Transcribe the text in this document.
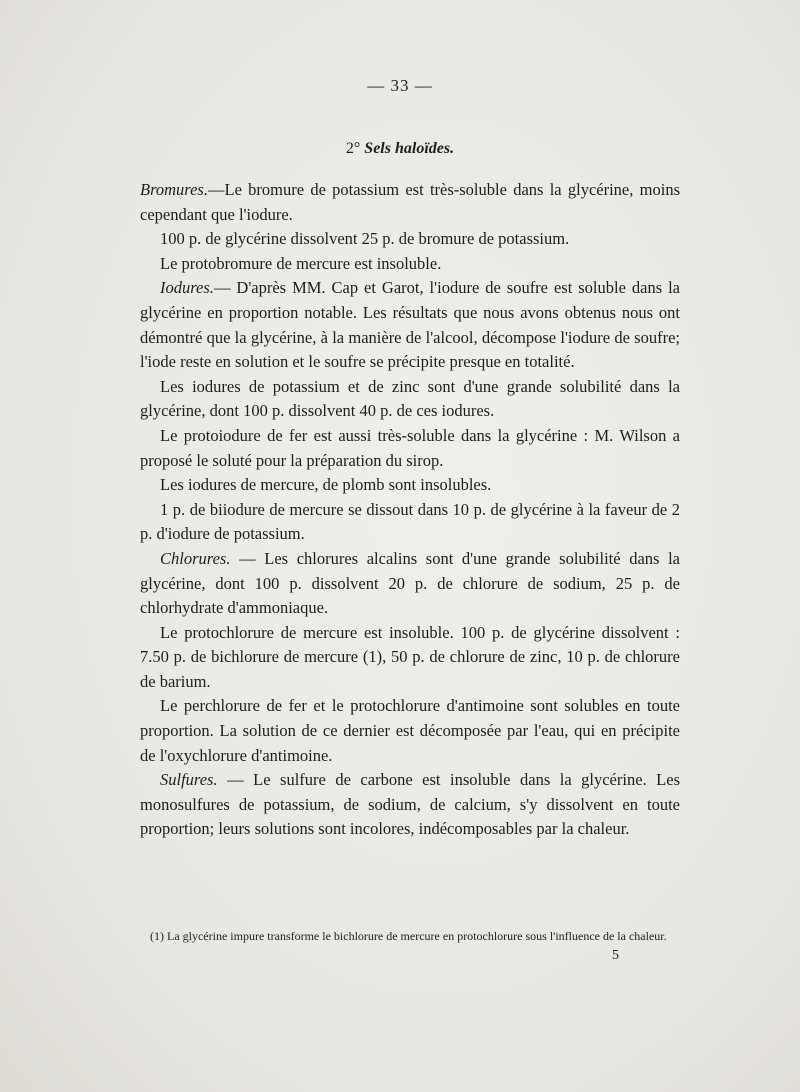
— 33 —
2° Sels haloïdes.

Bromures.—Le bromure de potassium est très-soluble dans la glycérine, moins cependant que l'iodure.

100 p. de glycérine dissolvent 25 p. de bromure de potassium.

Le protobromure de mercure est insoluble.

Iodures.— D'après MM. Cap et Garot, l'iodure de soufre est soluble dans la glycérine en proportion notable. Les résultats que nous avons obtenus nous ont démontré que la glycérine, à la manière de l'alcool, décompose l'iodure de soufre; l'iode reste en solution et le soufre se précipite presque en totalité.

Les iodures de potassium et de zinc sont d'une grande solubilité dans la glycérine, dont 100 p. dissolvent 40 p. de ces iodures.

Le protoiodure de fer est aussi très-soluble dans la glycérine : M. Wilson a proposé le soluté pour la préparation du sirop.

Les iodures de mercure, de plomb sont insolubles.

1 p. de biiodure de mercure se dissout dans 10 p. de glycérine à la faveur de 2 p. d'iodure de potassium.

Chlorures. — Les chlorures alcalins sont d'une grande solubilité dans la glycérine, dont 100 p. dissolvent 20 p. de chlorure de sodium, 25 p. de chlorhydrate d'ammoniaque.

Le protochlorure de mercure est insoluble. 100 p. de glycérine dissolvent : 7.50 p. de bichlorure de mercure (1), 50 p. de chlorure de zinc, 10 p. de chlorure de barium.

Le perchlorure de fer et le protochlorure d'antimoine sont solubles en toute proportion. La solution de ce dernier est décomposée par l'eau, qui en précipite de l'oxychlorure d'antimoine.

Sulfures. — Le sulfure de carbone est insoluble dans la glycérine. Les monosulfures de potassium, de sodium, de calcium, s'y dissolvent en toute proportion; leurs solutions sont incolores, indécomposables par la chaleur.

(1) La glycérine impure transforme le bichlorure de mercure en protochlorure sous l'influence de la chaleur.
5
